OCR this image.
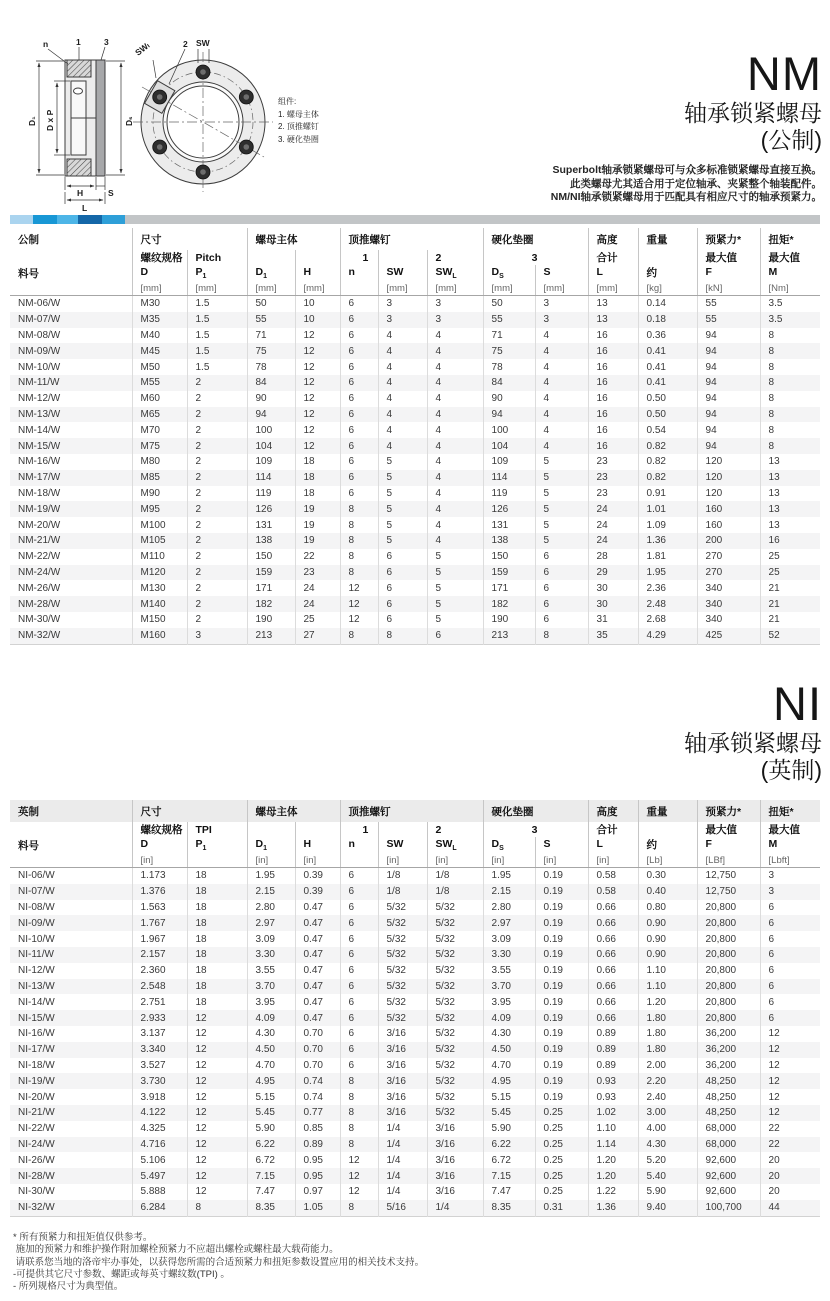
D₁ D x P	Dₛ
n	1	3
H	S
L
SWₗ	2 SW
组件:
1. 螺母主体
2. 顶推螺钉
3. 硬化垫圈
NM
轴承锁紧螺母
(公制)
Superbolt轴承锁紧螺母可与众多标准锁紧螺母直接互换。
此类螺母尤其适合用于定位轴承、夹紧整个轴装配件。
NM/NI轴承锁紧螺母用于匹配具有相应尺寸的轴承预紧力。
公制	尺寸		螺母主体		顶推螺钉			硬化垫圈		高度	重量	预紧力*	扭矩*
	螺纹规格	Pitch			1		2	3		合计		最大值	最大值
料号	D	$P_1$	$D_1$	H	n	SW	$SW_L$	$D_S$	S	L	约	F	M
	[mm]	[mm]	[mm]	[mm]		[mm]	[mm]	[mm]	[mm]	[mm]	[kg]	[kN]	[Nm]
NM-06/W	M30	1.5	50	10	6	3	3	50	3	13	0.14	55	3.5
NM-07/W	M35	1.5	55	10	6	3	3	55	3	13	0.18	55	3.5
NM-08/W	M40	1.5	71	12	6	4	4	71	4	16	0.36	94	8
NM-09/W	M45	1.5	75	12	6	4	4	75	4	16	0.41	94	8
NM-10/W	M50	1.5	78	12	6	4	4	78	4	16	0.41	94	8
NM-11/W	M55	2	84	12	6	4	4	84	4	16	0.41	94	8
NM-12/W	M60	2	90	12	6	4	4	90	4	16	0.50	94	8
NM-13/W	M65	2	94	12	6	4	4	94	4	16	0.50	94	8
NM-14/W	M70	2	100	12	6	4	4	100	4	16	0.54	94	8
NM-15/W	M75	2	104	12	6	4	4	104	4	16	0.82	94	8
NM-16/W	M80	2	109	18	6	5	4	109	5	23	0.82	120	13
NM-17/W	M85	2	114	18	6	5	4	114	5	23	0.82	120	13
NM-18/W	M90	2	119	18	6	5	4	119	5	23	0.91	120	13
NM-19/W	M95	2	126	19	8	5	4	126	5	24	1.01	160	13
NM-20/W	M100	2	131	19	8	5	4	131	5	24	1.09	160	13
NM-21/W	M105	2	138	19	8	5	4	138	5	24	1.36	200	16
NM-22/W	M110	2	150	22	8	6	5	150	6	28	1.81	270	25
NM-24/W	M120	2	159	23	8	6	5	159	6	29	1.95	270	25
NM-26/W	M130	2	171	24	12	6	5	171	6	30	2.36	340	21
NM-28/W	M140	2	182	24	12	6	5	182	6	30	2.48	340	21
NM-30/W	M150	2	190	25	12	6	5	190	6	31	2.68	340	21
NM-32/W	M160	3	213	27	8	8	6	213	8	35	4.29	425	52
NI
轴承锁紧螺母
(英制)
英制	尺寸		螺母主体		顶推螺钉			硬化垫圈		高度	重量	预紧力*	扭矩*
	螺纹规格	TPI			1		2	3		合计		最大值	最大值
料号	D	$P_1$	$D_1$	H	n	SW	$SW_L$	$D_S$	S	L	约	F	M
	[in]		[in]	[in]		[in]	[in]	[in]	[in]	[in]	[Lb]	[LBf]	[Lbft]
NI-06/W	1.173	18	1.95	0.39	6	1/8	1/8	1.95	0.19	0.58	0.30	12,750	3
NI-07/W	1.376	18	2.15	0.39	6	1/8	1/8	2.15	0.19	0.58	0.40	12,750	3
NI-08/W	1.563	18	2.80	0.47	6	5/32	5/32	2.80	0.19	0.66	0.80	20,800	6
NI-09/W	1.767	18	2.97	0.47	6	5/32	5/32	2.97	0.19	0.66	0.90	20,800	6
NI-10/W	1.967	18	3.09	0.47	6	5/32	5/32	3.09	0.19	0.66	0.90	20,800	6
NI-11/W	2.157	18	3.30	0.47	6	5/32	5/32	3.30	0.19	0.66	0.90	20,800	6
NI-12/W	2.360	18	3.55	0.47	6	5/32	5/32	3.55	0.19	0.66	1.10	20,800	6
NI-13/W	2.548	18	3.70	0.47	6	5/32	5/32	3.70	0.19	0.66	1.10	20,800	6
NI-14/W	2.751	18	3.95	0.47	6	5/32	5/32	3.95	0.19	0.66	1.20	20,800	6
NI-15/W	2.933	12	4.09	0.47	6	5/32	5/32	4.09	0.19	0.66	1.80	20,800	6
NI-16/W	3.137	12	4.30	0.70	6	3/16	5/32	4.30	0.19	0.89	1.80	36,200	12
NI-17/W	3.340	12	4.50	0.70	6	3/16	5/32	4.50	0.19	0.89	1.80	36,200	12
NI-18/W	3.527	12	4.70	0.70	6	3/16	5/32	4.70	0.19	0.89	2.00	36,200	12
NI-19/W	3.730	12	4.95	0.74	8	3/16	5/32	4.95	0.19	0.93	2.20	48,250	12
NI-20/W	3.918	12	5.15	0.74	8	3/16	5/32	5.15	0.19	0.93	2.40	48,250	12
NI-21/W	4.122	12	5.45	0.77	8	3/16	5/32	5.45	0.25	1.02	3.00	48,250	12
NI-22/W	4.325	12	5.90	0.85	8	1/4	3/16	5.90	0.25	1.10	4.00	68,000	22
NI-24/W	4.716	12	6.22	0.89	8	1/4	3/16	6.22	0.25	1.14	4.30	68,000	22
NI-26/W	5.106	12	6.72	0.95	12	1/4	3/16	6.72	0.25	1.20	5.20	92,600	20
NI-28/W	5.497	12	7.15	0.95	12	1/4	3/16	7.15	0.25	1.20	5.40	92,600	20
NI-30/W	5.888	12	7.47	0.97	12	1/4	3/16	7.47	0.25	1.22	5.90	92,600	20
NI-32/W	6.284	8	8.35	1.05	8	5/16	1/4	8.35	0.31	1.36	9.40	100,700	44
* 所有预紧力和扭矩值仅供参考。
施加的预紧力和维护操作附加螺栓预紧力不应超出螺栓或螺柱最大载荷能力。
请联系您当地的洛帝牢办事处，以获得您所需的合适预紧力和扭矩参数设置应用的相关技术支持。
-可提供其它尺寸参数、螺距或每英寸螺纹数(TPI) 。
- 所列规格尺寸为典型值。
